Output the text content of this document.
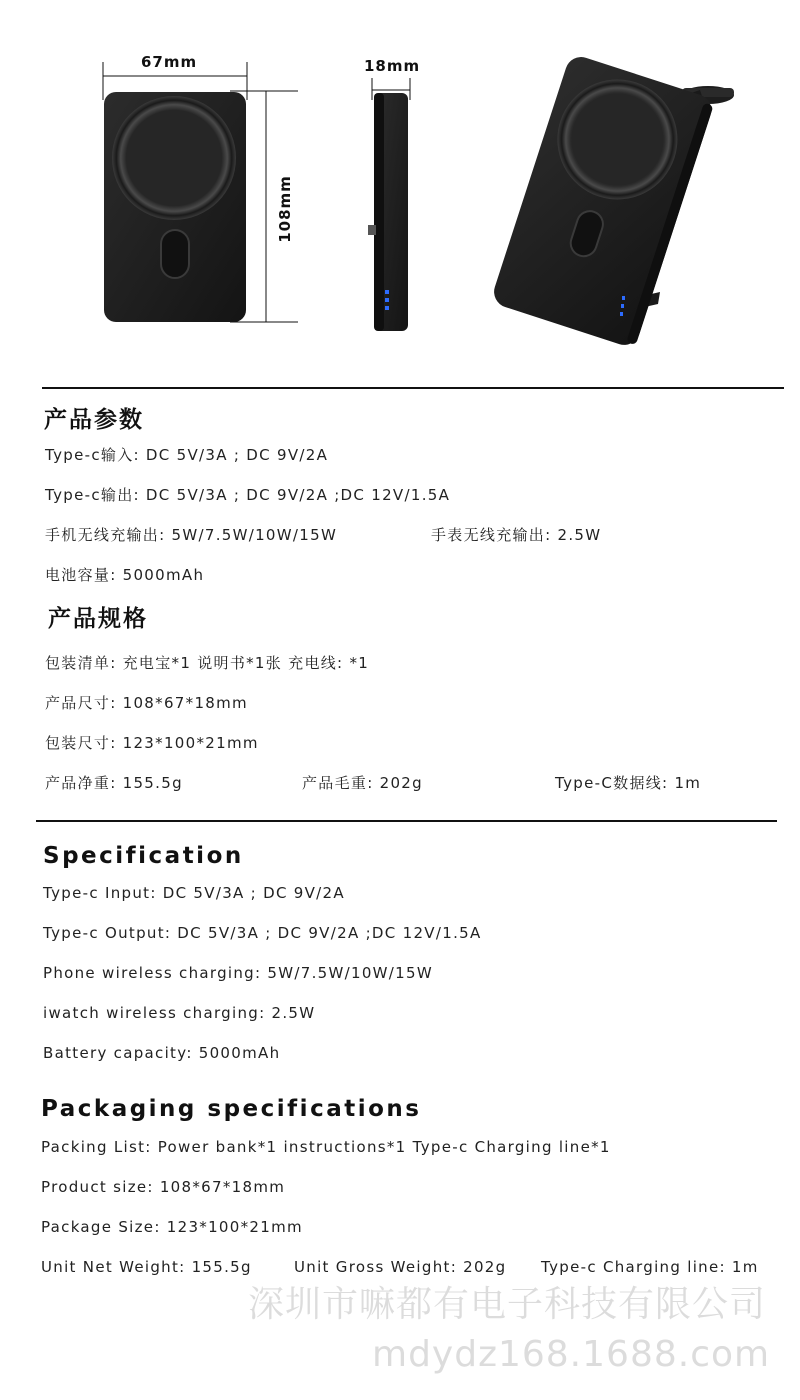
67mm	18mm
108mm
产品参数
Type-c输入: DC 5V/3A ; DC 9V/2A
Type-c输出: DC 5V/3A ; DC 9V/2A ;DC 12V/1.5A
手机无线充输出: 5W/7.5W/10W/15W	手表无线充输出: 2.5W
电池容量: 5000mAh
产品规格
包装清单: 充电宝*1 说明书*1张 充电线: *1
产品尺寸: 108*67*18mm
包装尺寸: 123*100*21mm
产品净重: 155.5g	产品毛重: 202g	Type-C数据线: 1m
Specification
Type-c Input: DC 5V/3A ; DC 9V/2A
Type-c Output: DC 5V/3A ; DC 9V/2A ;DC 12V/1.5A
Phone wireless charging: 5W/7.5W/10W/15W
iwatch wireless charging: 2.5W
Battery capacity: 5000mAh
Packaging specifications
Packing List: Power bank*1 instructions*1 Type-c Charging line*1
Product size: 108*67*18mm
Package Size: 123*100*21mm
Unit Net Weight: 155.5g	Unit Gross Weight: 202g Type-c Charging line: 1m
深圳市嘛都有电子科技有限公司
mdydz168.1688.com
